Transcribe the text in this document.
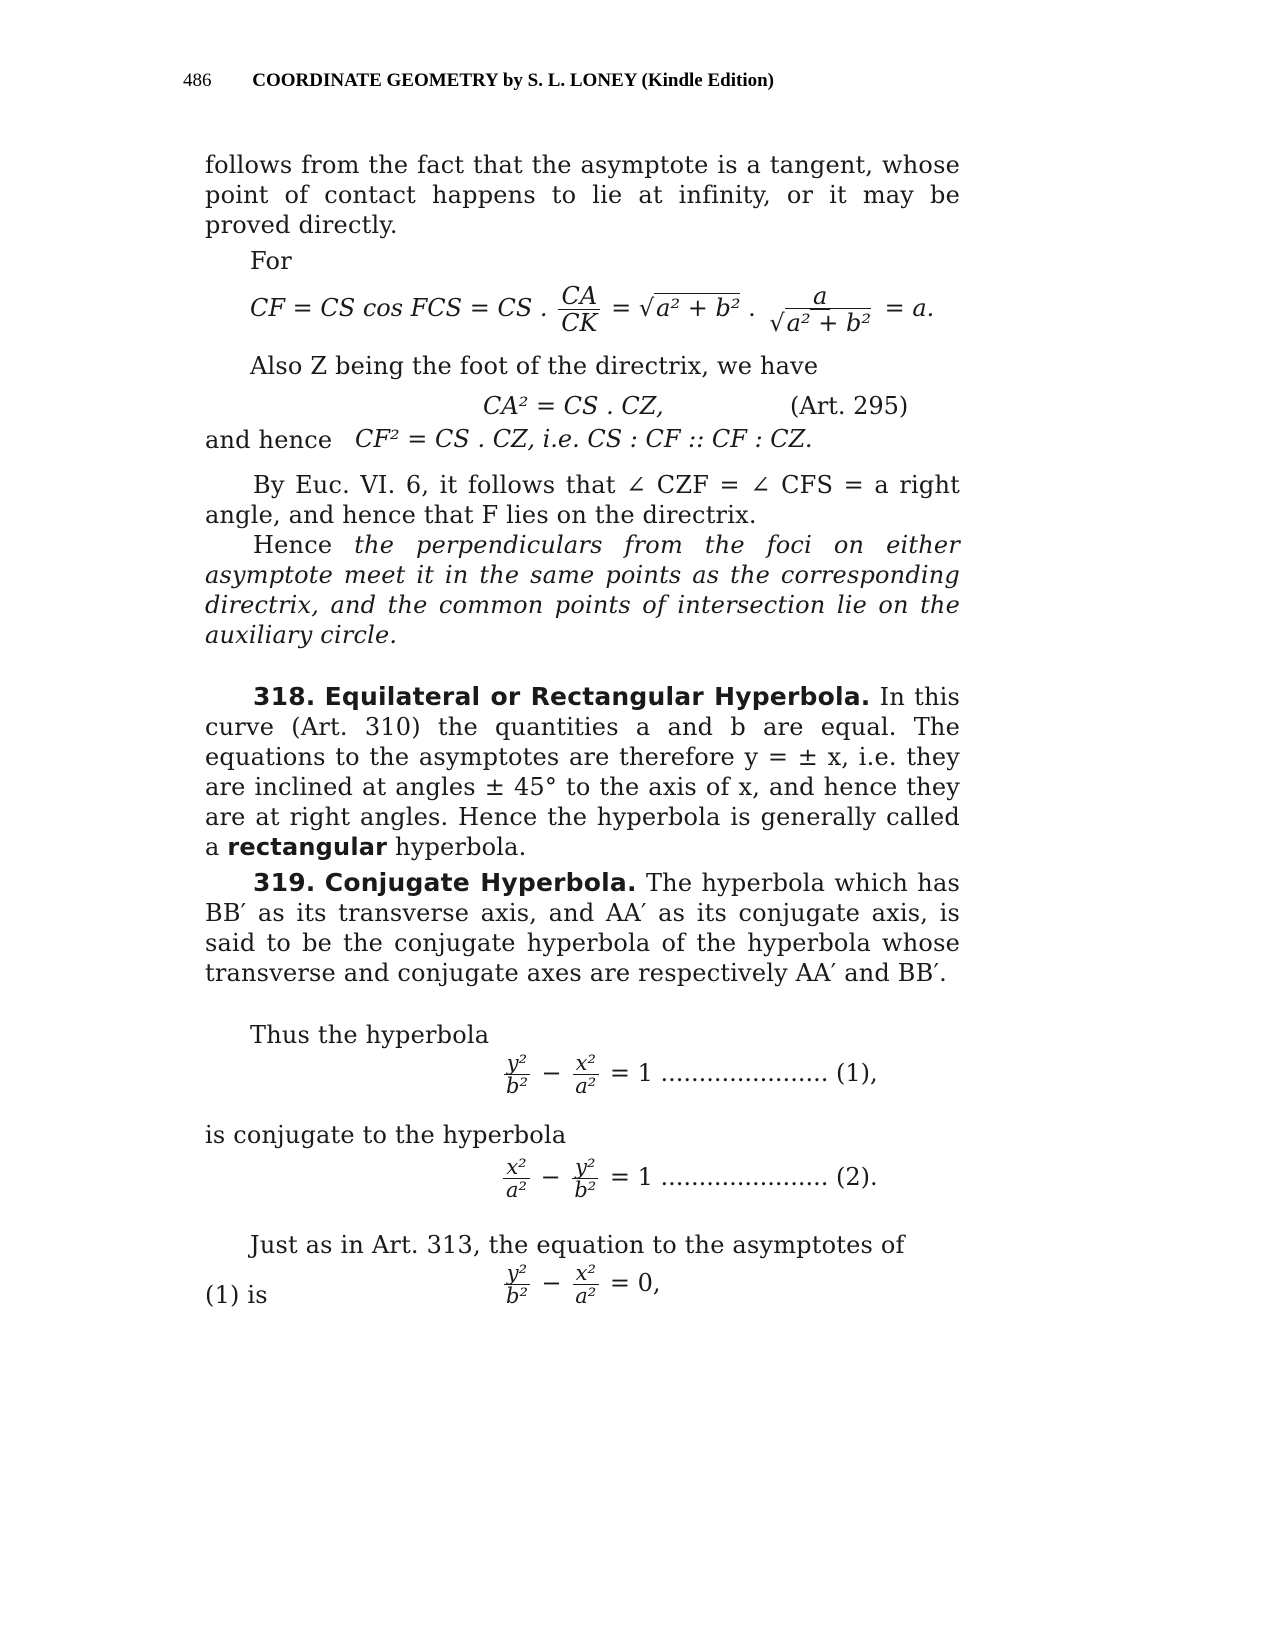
486 COORDINATE GEOMETRY by S. L. LONEY (Kindle Edition)
follows from the fact that the asymptote is a tangent, whose point of contact happens to lie at infinity, or it may be proved directly.
For
CF = CS cos FCS = CS . $\frac{CA}{CK} = √a^2 + b^2$ . $\frac{a}{\text{√a² + b²}} = a$.
Also Z being the foot of the directrix, we have
CA² = CS . CZ,	(Art. 295)
and hence CF² = CS . CZ, i.e. CS : CF :: CF : CZ.
By Euc. VI. 6, it follows that ∠ CZF = ∠ CFS = a right angle, and hence that F lies on the directrix.
Hence the perpendiculars from the foci on either asymptote meet it in the same points as the corresponding directrix, and the common points of intersection lie on the auxiliary circle.
318. Equilateral or Rectangular Hyperbola. In this curve (Art. 310) the quantities a and b are equal. The equations to the asymptotes are therefore y = ± x, i.e. they are inclined at angles ± 45° to the axis of x, and hence they are at right angles. Hence the hyperbola is generally called a rectangular hyperbola.
319. Conjugate Hyperbola. The hyperbola which has BB′ as its transverse axis, and AA′ as its conjugate axis, is said to be the conjugate hyperbola of the hyperbola whose transverse and conjugate axes are respectively AA′ and BB′.
Thus the hyperbola
$\frac{\text{y²}}{\text{b²}} - \frac{\text{x²}}{\text{a²}} = 1$ ...................... (1),
is conjugate to the hyperbola
$\frac{\text{x²}}{\text{a²}} - \frac{\text{y²}}{\text{b²}} = 1$ ...................... (2).
Just as in Art. 313, the equation to the asymptotes of
(1) is	$\frac{\text{y²}}{\text{b²}} - \frac{\text{x²}}{\text{a²}} = 0$,
